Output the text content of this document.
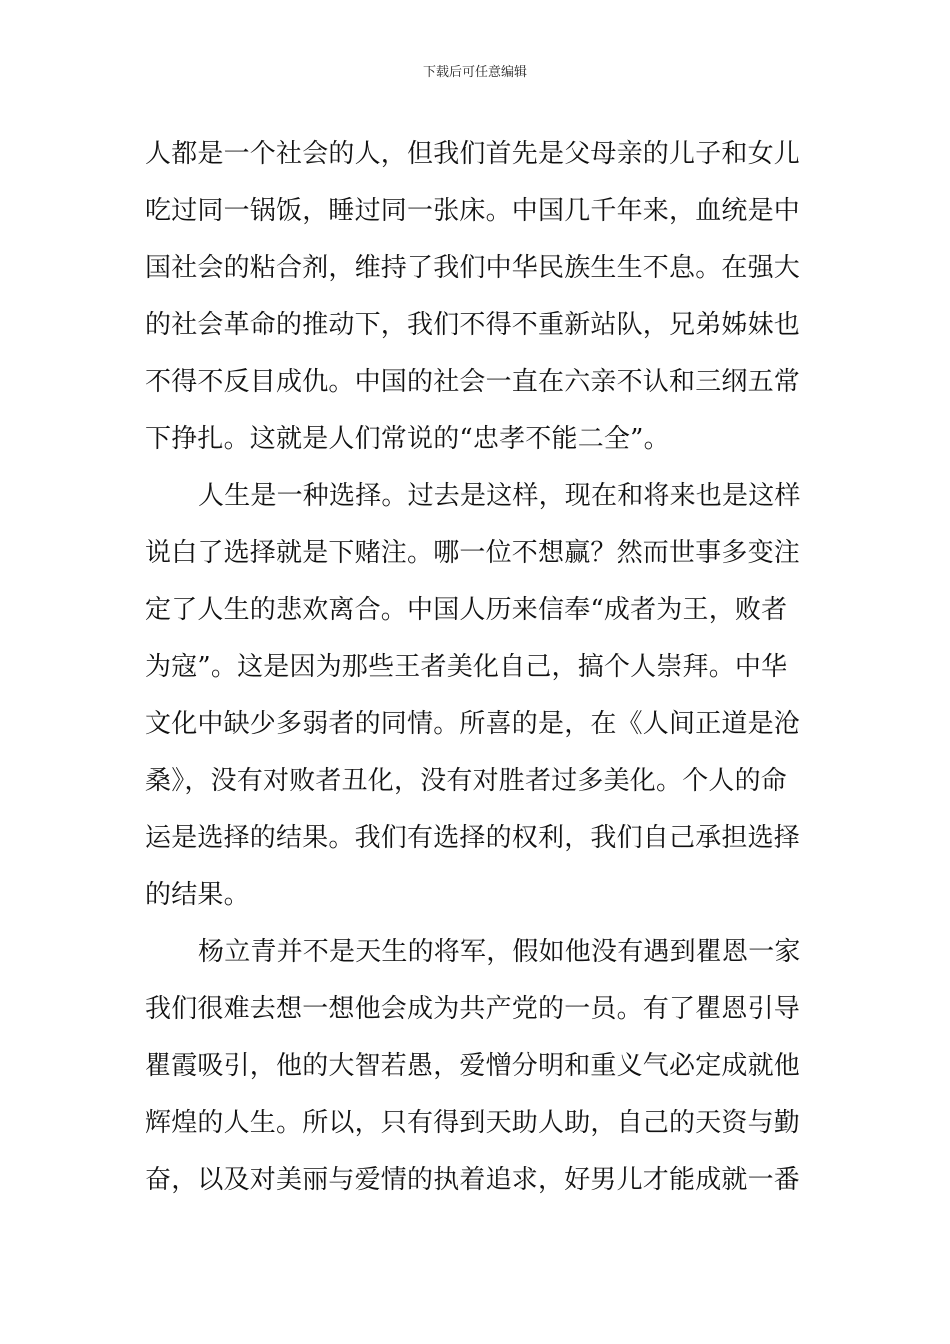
下载后可任意编辑
人都是一个社会的人，但我们首先是父母亲的儿子和女儿
吃过同一锅饭，睡过同一张床。中国几千年来，血统是中
国社会的粘合剂，维持了我们中华民族生生不息。在强大
的社会革命的推动下，我们不得不重新站队，兄弟姊妹也
不得不反目成仇。中国的社会一直在六亲不认和三纲五常
下挣扎。这就是人们常说的“忠孝不能二全”。
人生是一种选择。过去是这样，现在和将来也是这样
说白了选择就是下赌注。哪一位不想赢？然而世事多变注
定了人生的悲欢离合。中国人历来信奉“成者为王，败者
为寇”。这是因为那些王者美化自己，搞个人崇拜。中华
文化中缺少多弱者的同情。所喜的是，在《人间正道是沧
桑》，没有对败者丑化，没有对胜者过多美化。个人的命
运是选择的结果。我们有选择的权利，我们自己承担选择
的结果。
杨立青并不是天生的将军，假如他没有遇到瞿恩一家
我们很难去想一想他会成为共产党的一员。有了瞿恩引导
瞿霞吸引，他的大智若愚，爱憎分明和重义气必定成就他
辉煌的人生。所以，只有得到天助人助，自己的天资与勤
奋，以及对美丽与爱情的执着追求，好男儿才能成就一番
